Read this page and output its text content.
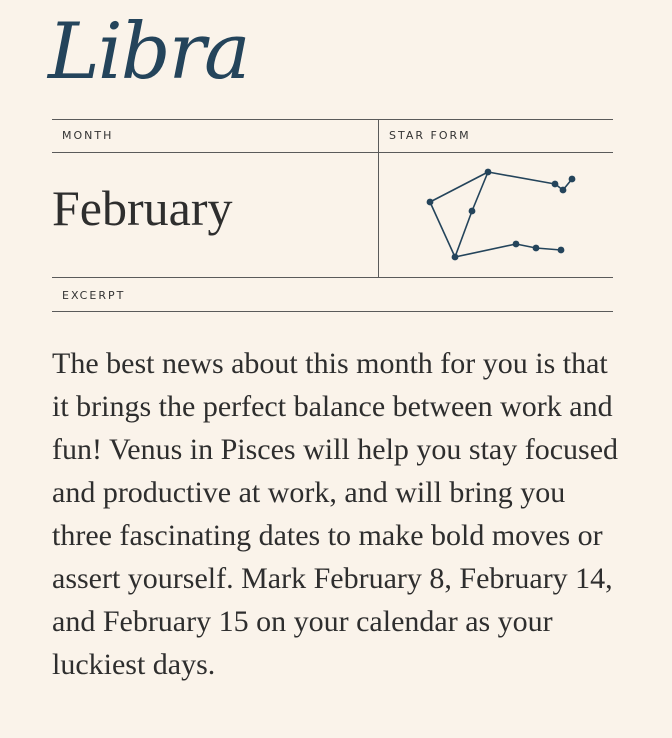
Libra
MONTH	STAR FORM
February
EXCERPT

The best news about this month for you is that it brings the perfect balance between work and fun! Venus in Pisces will help you stay focused and productive at work, and will bring you three fascinating dates to make bold moves or assert yourself. Mark February 8, February 14, and February 15 on your calendar as your luckiest days.
